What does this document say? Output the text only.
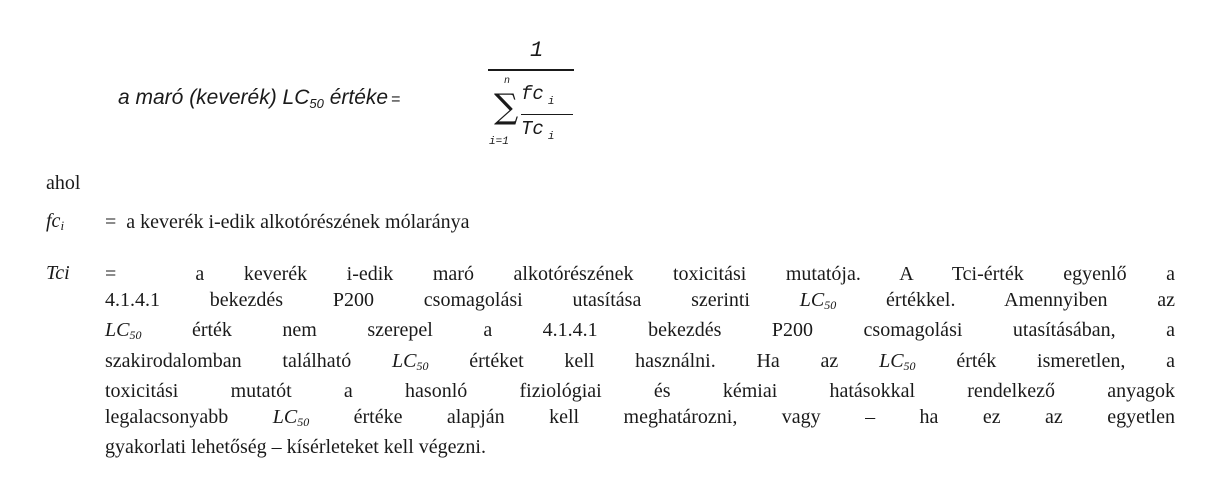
a maró (keverék) $LC_{50}$ értéke =
1
n
∑
i=1
fc $_i$
Tc $_i$
ahol
$fc_i = a$ keverék i-edik alkotórészének mólaránya
Tci =	a keverék i-edik maró alkotórészének toxicitási mutatója. A Tci-érték egyenlő a
4.1.4.1 bekezdés P200 csomagolási utasítása szerinti $LC_{50}$ értékkel. Amennyiben az
$LC_{50}$	érték nem szerepel a 4.1.4.1 bekezdés P200 csomagolási utasításában, a
szakirodalomban található $LC_{50}$ értéket kell használni. Ha az $LC_{50}$ érték ismeretlen, a
toxicitási mutatót a hasonló fiziológiai és kémiai hatásokkal rendelkező anyagok
legalacsonyabb $LC_{50}$ értéke alapján kell meghatározni, vagy – ha ez az egyetlen
gyakorlati lehetőség – kísérleteket kell végezni.
